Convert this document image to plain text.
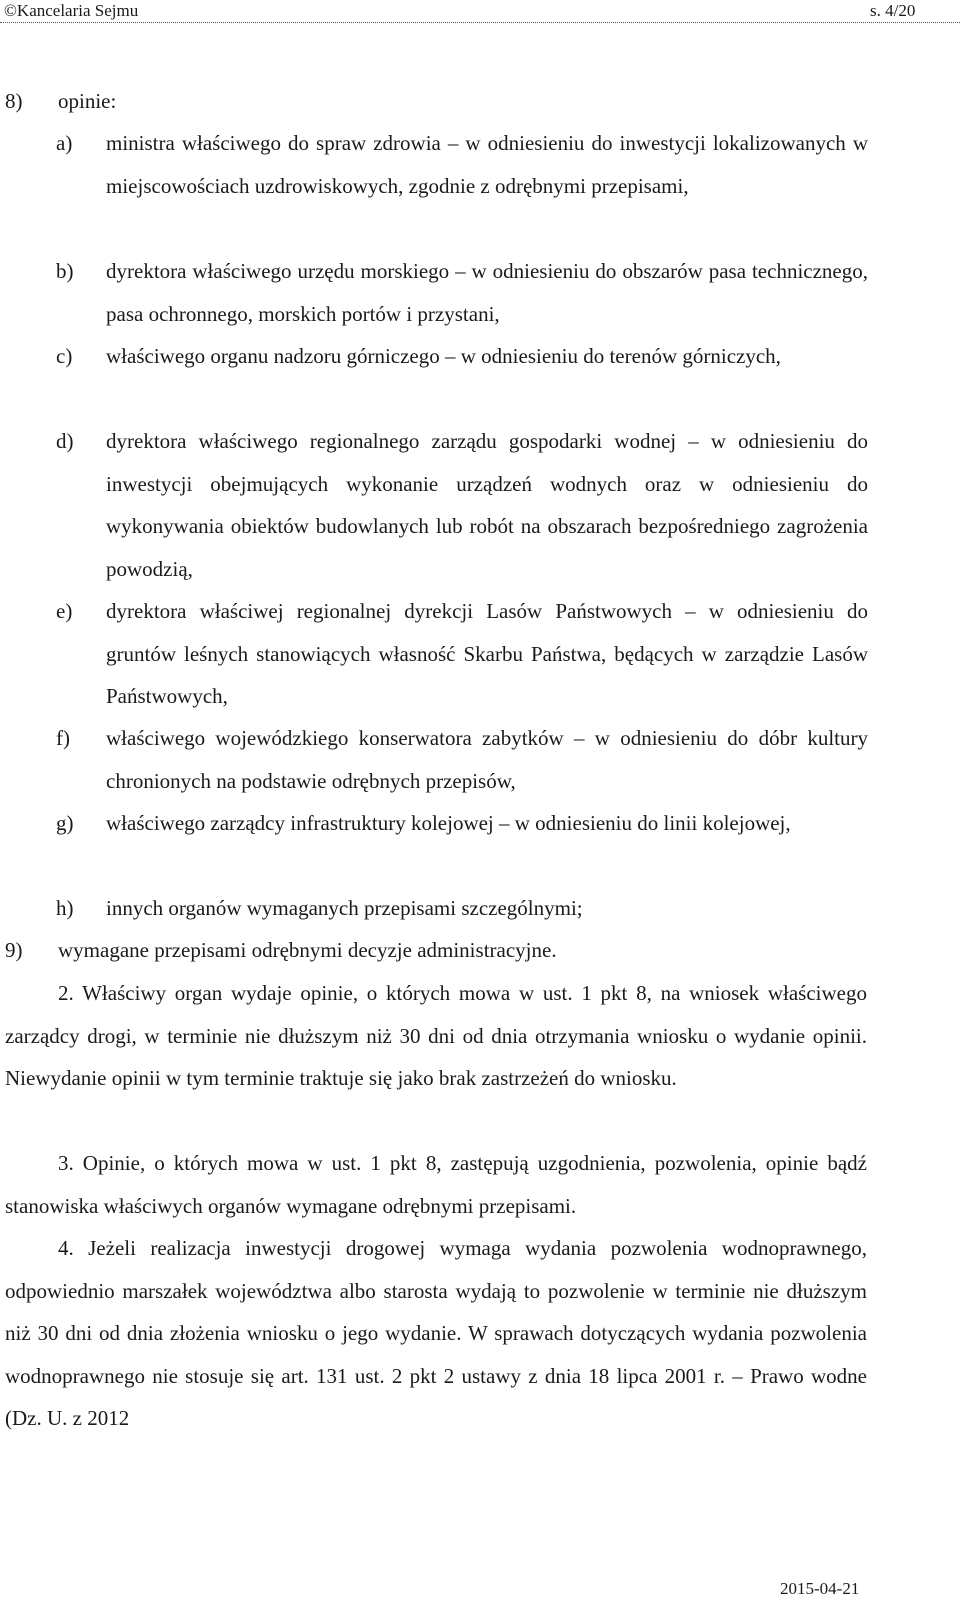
©Kancelaria Sejmu	s. 4/20
8) opinie:
a) ministra właściwego do spraw zdrowia – w odniesieniu do inwestycji lokalizowanych w miejscowościach uzdrowiskowych, zgodnie z odrębnymi przepisami,
b) dyrektora właściwego urzędu morskiego – w odniesieniu do obszarów pasa technicznego, pasa ochronnego, morskich portów i przystani,
c) właściwego organu nadzoru górniczego – w odniesieniu do terenów górniczych,
d) dyrektora właściwego regionalnego zarządu gospodarki wodnej – w odniesieniu do inwestycji obejmujących wykonanie urządzeń wodnych oraz w odniesieniu do wykonywania obiektów budowlanych lub robót na obszarach bezpośredniego zagrożenia powodzią,
e) dyrektora właściwej regionalnej dyrekcji Lasów Państwowych – w odniesieniu do gruntów leśnych stanowiących własność Skarbu Państwa, będących w zarządzie Lasów Państwowych,
f) właściwego wojewódzkiego konserwatora zabytków – w odniesieniu do dóbr kultury chronionych na podstawie odrębnych przepisów,
g) właściwego zarządcy infrastruktury kolejowej – w odniesieniu do linii kolejowej,
h) innych organów wymaganych przepisami szczególnymi;
9) wymagane przepisami odrębnymi decyzje administracyjne.
2. Właściwy organ wydaje opinie, o których mowa w ust. 1 pkt 8, na wniosek właściwego zarządcy drogi, w terminie nie dłuższym niż 30 dni od dnia otrzymania wniosku o wydanie opinii. Niewydanie opinii w tym terminie traktuje się jako brak zastrzeżeń do wniosku.
3. Opinie, o których mowa w ust. 1 pkt 8, zastępują uzgodnienia, pozwolenia, opinie bądź stanowiska właściwych organów wymagane odrębnymi przepisami.
4. Jeżeli realizacja inwestycji drogowej wymaga wydania pozwolenia wodnoprawnego, odpowiednio marszałek województwa albo starosta wydają to pozwolenie w terminie nie dłuższym niż 30 dni od dnia złożenia wniosku o jego wydanie. W sprawach dotyczących wydania pozwolenia wodnoprawnego nie stosuje się art. 131 ust. 2 pkt 2 ustawy z dnia 18 lipca 2001 r. – Prawo wodne (Dz. U. z 2012
2015-04-21
